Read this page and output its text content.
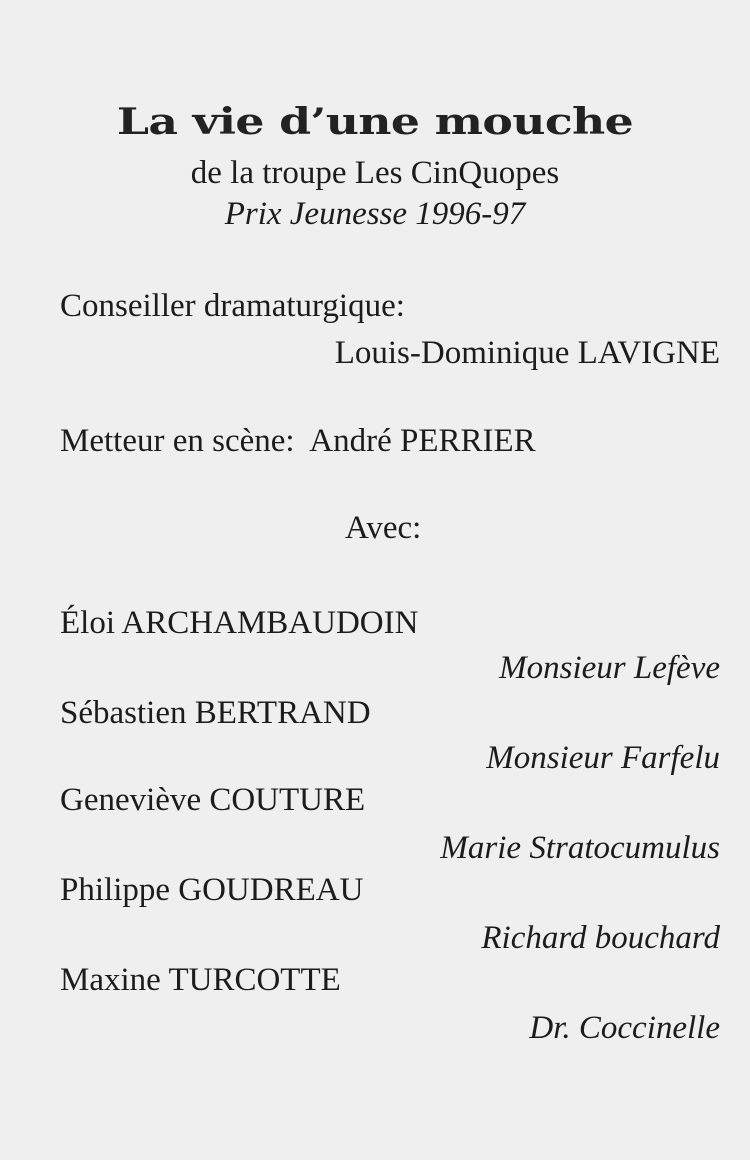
La vie d’une mouche
de la troupe Les CinQuopes
Prix Jeunesse 1996-97
Conseiller dramaturgique:
Louis-Dominique LAVIGNE
Metteur en scène: André PERRIER
Avec:
Éloi ARCHAMBAUDOIN
Monsieur Lefève
Sébastien BERTRAND
Monsieur Farfelu
Geneviève COUTURE
Marie Stratocumulus
Philippe GOUDREAU
Richard bouchard
Maxine TURCOTTE
Dr. Coccinelle
